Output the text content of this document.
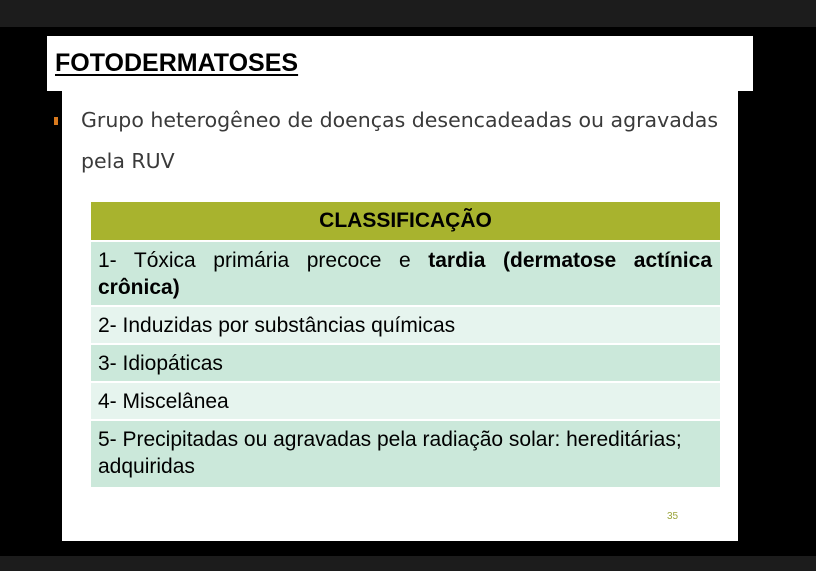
FOTODERMATOSES
Grupo heterogêneo de doenças desencadeadas ou agravadas pela RUV
CLASSIFICAÇÃO
1- Tóxica primária precoce e tardia (dermatose actínica crônica)
2- Induzidas por substâncias químicas
3- Idiopáticas
4- Miscelânea
5- Precipitadas ou agravadas pela radiação solar: hereditárias; adquiridas
35
